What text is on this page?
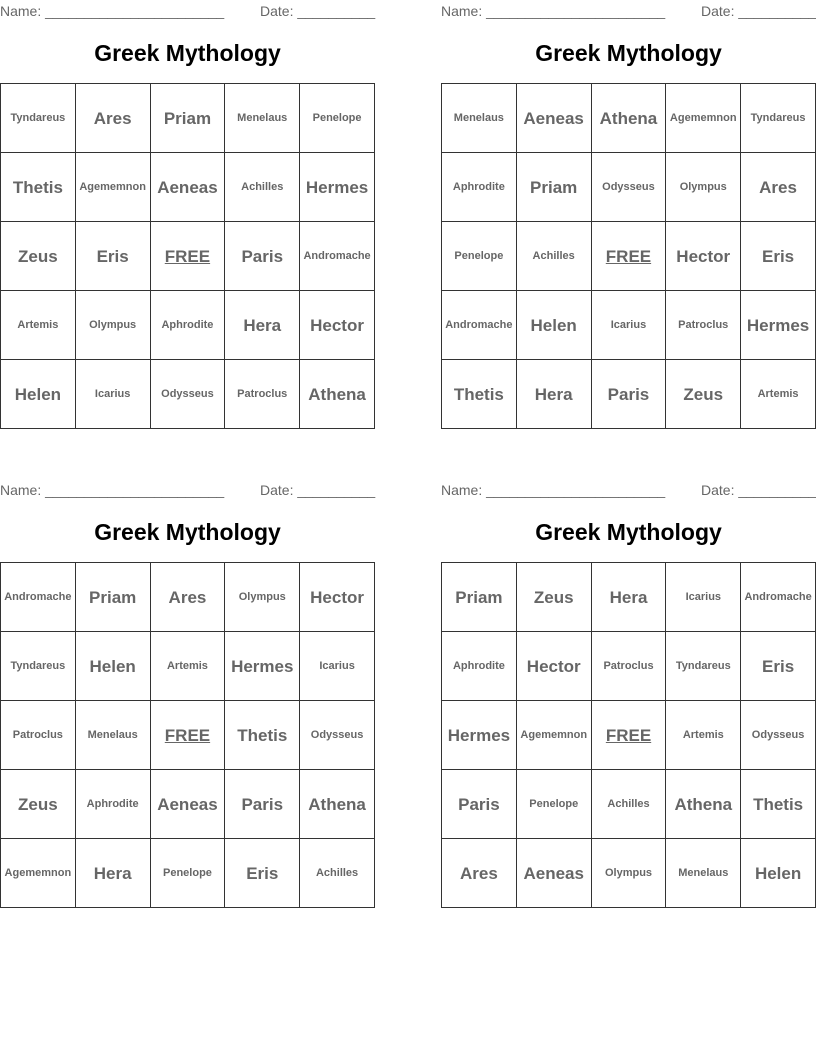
Name: _______________________	Date: __________
Greek Mythology
Tyndareus	Ares	Priam	Menelaus	Penelope
Thetis	Agememnon	Aeneas	Achilles	Hermes
Zeus	Eris	FREE	Paris	Andromache
Artemis	Olympus	Aphrodite	Hera	Hector
Helen	Icarius	Odysseus	Patroclus	Athena
Name: _______________________	Date: __________
Greek Mythology
Menelaus	Aeneas	Athena	Agememnon	Tyndareus
Aphrodite	Priam	Odysseus	Olympus	Ares
Penelope	Achilles	FREE	Hector	Eris
Andromache	Helen	Icarius	Patroclus	Hermes
Thetis	Hera	Paris	Zeus	Artemis
Name: _______________________	Date: __________
Greek Mythology
Andromache	Priam	Ares	Olympus	Hector
Tyndareus	Helen	Artemis	Hermes	Icarius
Patroclus	Menelaus	FREE	Thetis	Odysseus
Zeus	Aphrodite	Aeneas	Paris	Athena
Agememnon	Hera	Penelope	Eris	Achilles
Name: _______________________	Date: __________
Greek Mythology
Priam	Zeus	Hera	Icarius	Andromache
Aphrodite	Hector	Patroclus	Tyndareus	Eris
Hermes	Agememnon	FREE	Artemis	Odysseus
Paris	Penelope	Achilles	Athena	Thetis
Ares	Aeneas	Olympus	Menelaus	Helen
